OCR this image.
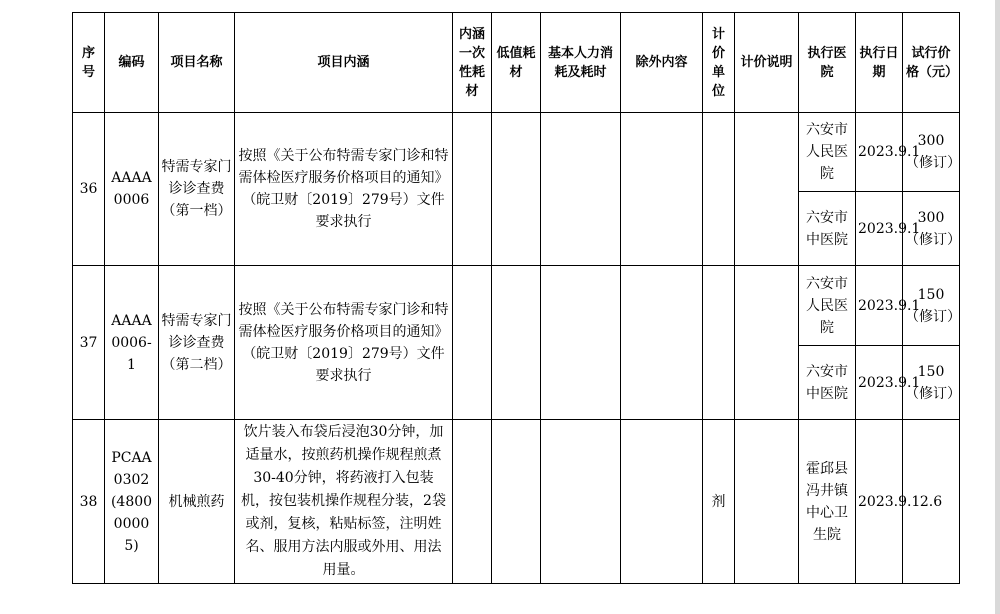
序号	编码	项目名称	项目内涵	内涵一次性耗材	低值耗材	基本人力消耗及耗时	除外内容	计价单位	计价说明	执行医院	执行日期	试行价格（元）
36	AAAA0006	特需专家门诊诊查费（第一档）	按照《关于公布特需专家门诊和特需体检医疗服务价格项目的通知》（皖卫财〔2019〕279号）文件要求执行							六安市人民医院	2023.9.1	300（修订）
										六安市中医院	2023.9.1	300（修订）
37	AAAA0006-1	特需专家门诊诊查费（第二档）	按照《关于公布特需专家门诊和特需体检医疗服务价格项目的通知》（皖卫财〔2019〕279号）文件要求执行							六安市人民医院	2023.9.1	150（修订）
										六安市中医院	2023.9.1	150（修订）
38	PCAA0302(480000005)	机械煎药	饮片装入布袋后浸泡30分钟，加适量水，按煎药机操作规程煎煮30-40分钟，将药液打入包装机，按包装机操作规程分装，2袋或剂，复核，粘贴标签，注明姓名、服用方法内服或外用、用法用量。					剂		霍邱县冯井镇中心卫生院	2023.9.1	2.6
